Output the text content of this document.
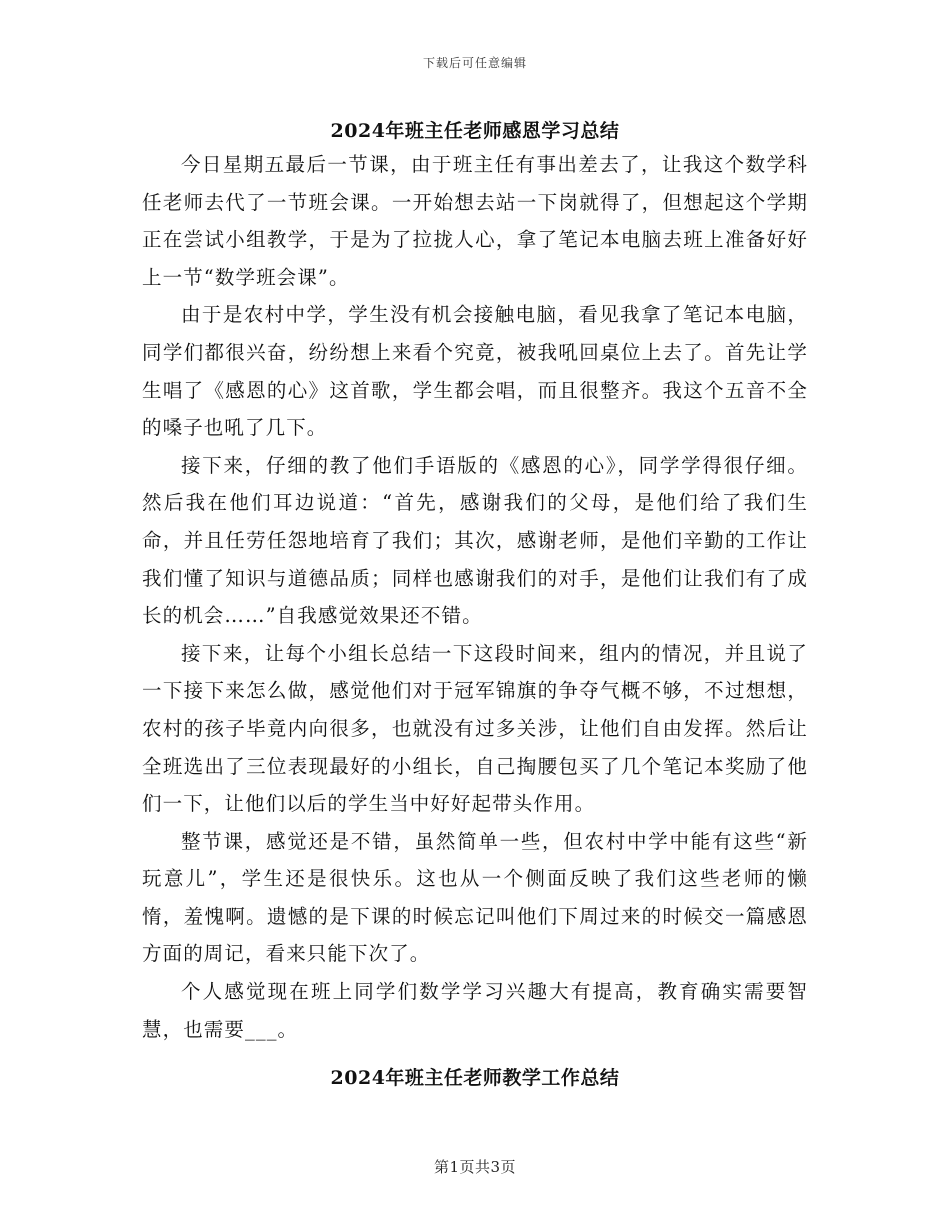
下载后可任意编辑
2024年班主任老师感恩学习总结

今日星期五最后一节课，由于班主任有事出差去了，让我这个数学科任老师去代了一节班会课。一开始想去站一下岗就得了，但想起这个学期正在尝试小组教学，于是为了拉拢人心，拿了笔记本电脑去班上准备好好上一节“数学班会课”。

由于是农村中学，学生没有机会接触电脑，看见我拿了笔记本电脑，同学们都很兴奋，纷纷想上来看个究竟，被我吼回桌位上去了。首先让学生唱了《感恩的心》这首歌，学生都会唱，而且很整齐。我这个五音不全的嗓子也吼了几下。

接下来，仔细的教了他们手语版的《感恩的心》，同学学得很仔细。然后我在他们耳边说道：“首先，感谢我们的父母，是他们给了我们生命，并且任劳任怨地培育了我们；其次，感谢老师，是他们辛勤的工作让我们懂了知识与道德品质；同样也感谢我们的对手，是他们让我们有了成长的机会……”自我感觉效果还不错。

接下来，让每个小组长总结一下这段时间来，组内的情况，并且说了一下接下来怎么做，感觉他们对于冠军锦旗的争夺气概不够，不过想想，农村的孩子毕竟内向很多，也就没有过多关涉，让他们自由发挥。然后让全班选出了三位表现最好的小组长，自己掏腰包买了几个笔记本奖励了他们一下，让他们以后的学生当中好好起带头作用。

整节课，感觉还是不错，虽然简单一些，但农村中学中能有这些“新玩意儿”，学生还是很快乐。这也从一个侧面反映了我们这些老师的懒惰，羞愧啊。遗憾的是下课的时候忘记叫他们下周过来的时候交一篇感恩方面的周记，看来只能下次了。

个人感觉现在班上同学们数学学习兴趣大有提高，教育确实需要智慧，也需要___。

2024年班主任老师教学工作总结
第1页共3页
